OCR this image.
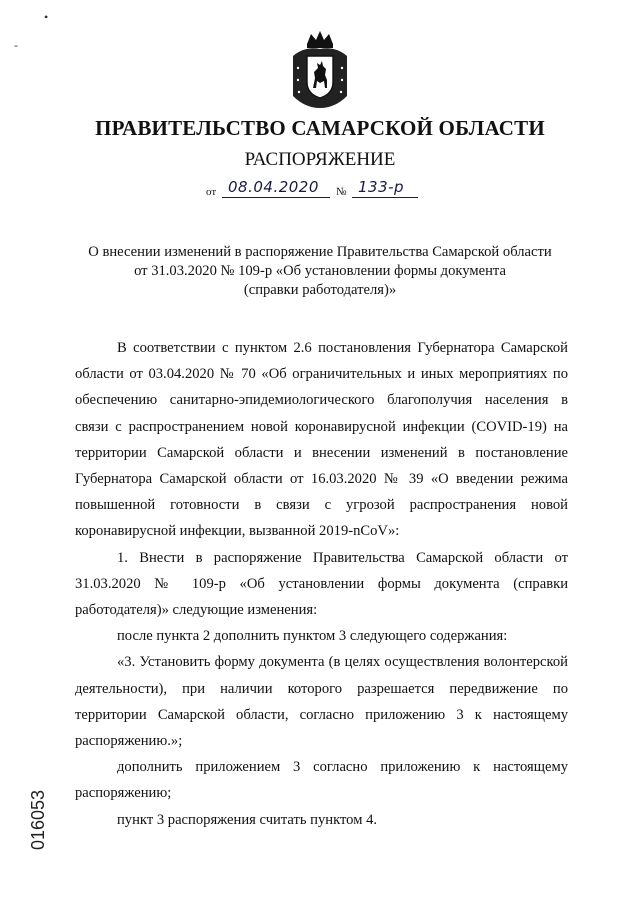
•
-
ПРАВИТЕЛЬСТВО САМАРСКОЙ ОБЛАСТИ
РАСПОРЯЖЕНИЕ
от 08.04.2020 № 133-р
О внесении изменений в распоряжение Правительства Самарской области
от 31.03.2020 № 109-р «Об установлении формы документа
(справки работодателя)»

В соответствии с пунктом 2.6 постановления Губернатора Самарской области от 03.04.2020 № 70 «Об ограничительных и иных мероприятиях по обеспечению санитарно-эпидемиологического благополучия населения в связи с распространением новой коронавирусной инфекции (COVID-19) на территории Самарской области и внесении изменений в постановление Губернатора Самарской области от 16.03.2020 № 39 «О введении режима повышенной готовности в связи с угрозой распространения новой коронавирусной инфекции, вызванной 2019-nCoV»:

1. Внести в распоряжение Правительства Самарской области от 31.03.2020 № 109-р «Об установлении формы документа (справки работодателя)» следующие изменения:

после пункта 2 дополнить пунктом 3 следующего содержания:

«3. Установить форму документа (в целях осуществления волонтерской деятельности), при наличии которого разрешается передвижение по территории Самарской области, согласно приложению 3 к настоящему распоряжению.»;

дополнить приложением 3 согласно приложению к настоящему распоряжению;

пункт 3 распоряжения считать пунктом 4.

016053
